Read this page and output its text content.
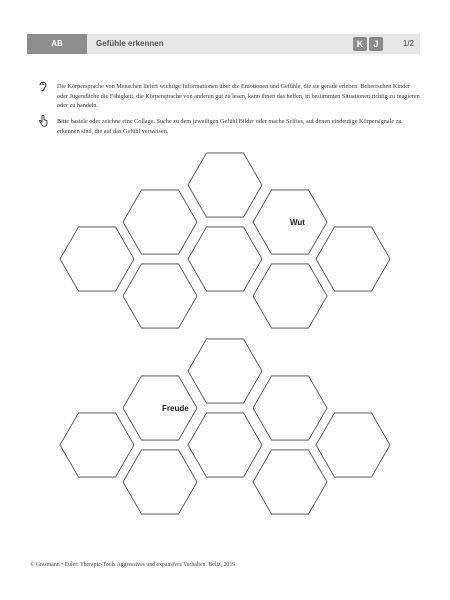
AB	Gefühle erkennen	K	J	1/2

Die Körpersprache von Menschen liefert wichtige Informationen über die Emotionen und Gefühle, die sie gerade erleben. Beherrschen Kinder oder Jugendliche die Fähigkeit, die Körpersprache von anderen gut zu lesen, kann ihnen das helfen, in bestimmten Situationen richtig zu reagieren oder zu handeln.

Bitte bastele oder zeichne eine Collage. Suche zu dem jeweiligen Gefühl Bilder oder mache Selfies, auf denen eindeutige Körpersignale zu erkennen sind, die auf das Gefühl verweisen.

Wut
Freude
© Grasmann • Euler: Therapie-Tools Aggressives und expansives Verhalten. Beltz, 2019
